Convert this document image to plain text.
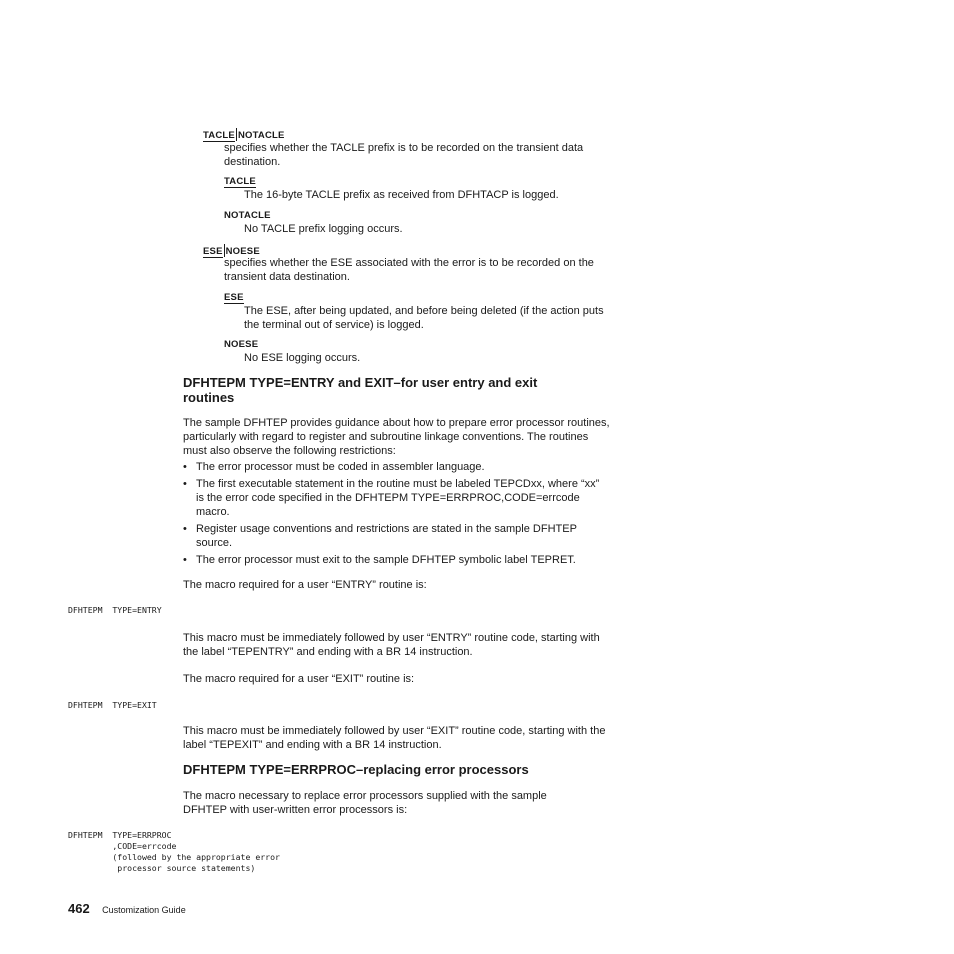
TACLE NOTACLE
specifies whether the TACLE prefix is to be recorded on the transient data destination.
TACLE
The 16-byte TACLE prefix as received from DFHTACP is logged.
NOTACLE
No TACLE prefix logging occurs.
ESE NOESE
specifies whether the ESE associated with the error is to be recorded on the transient data destination.
ESE
The ESE, after being updated, and before being deleted (if the action puts the terminal out of service) is logged.
NOESE
No ESE logging occurs.
DFHTEPM TYPE=ENTRY and EXIT–for user entry and exit routines
The sample DFHTEP provides guidance about how to prepare error processor routines, particularly with regard to register and subroutine linkage conventions. The routines must also observe the following restrictions:
• The error processor must be coded in assembler language.
• The first executable statement in the routine must be labeled TEPCDxx, where “xx” is the error code specified in the DFHTEPM TYPE=ERRPROC,CODE=errcode macro.
• Register usage conventions and restrictions are stated in the sample DFHTEP source.
• The error processor must exit to the sample DFHTEP symbolic label TEPRET.
The macro required for a user “ENTRY” routine is:
DFHTEPM  TYPE=ENTRY
This macro must be immediately followed by user “ENTRY” routine code, starting with the label “TEPENTRY” and ending with a BR 14 instruction.
The macro required for a user “EXIT” routine is:
DFHTEPM  TYPE=EXIT
This macro must be immediately followed by user “EXIT” routine code, starting with the label “TEPEXIT” and ending with a BR 14 instruction.
DFHTEPM TYPE=ERRPROC–replacing error processors
The macro necessary to replace error processors supplied with the sample DFHTEP with user-written error processors is:
DFHTEPM  TYPE=ERRPROC
,CODE=errcode
(followed by the appropriate error
processor source statements)
462 Customization Guide
